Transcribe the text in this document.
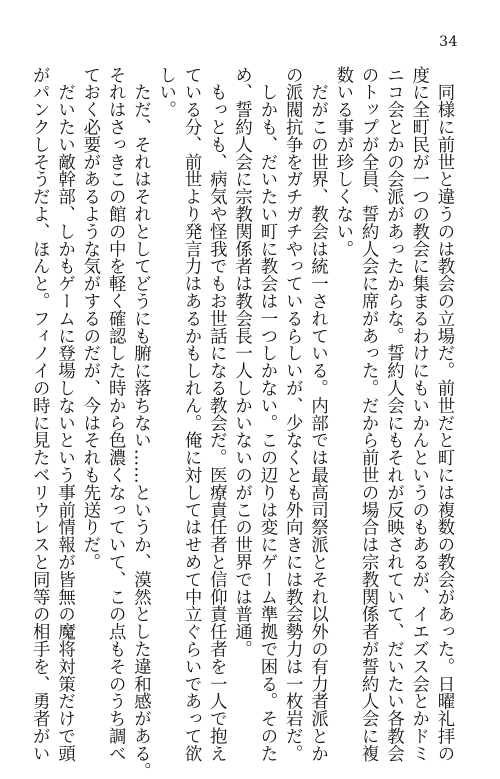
34
　同様に前世と違うのは教会の立場だ。前世だと町には複数の教会があった。日曜礼拝の
度に全町民が一つの教会に集まるわけにもいかんというのもあるが、イエズス会とかドミ
ニコ会とかの会派があったからな。誓約人会にもそれが反映されていて、だいたい各教会
のトップが全員、誓約人会に席があった。だから前世の場合は宗教関係者が誓約人会に複
数いる事が珍しくない。
　だがこの世界、教会は統一されている。内部では最高司祭派とそれ以外の有力者派とか
の派閥抗争をガチガチやっているらしいが、少なくとも外向きには教会勢力は一枚岩だ。
　しかも、だいたい町に教会は一つしかない。この辺りは変にゲーム準拠で困る。そのた
め、誓約人会に宗教関係者は教会長一人しかいないのがこの世界では普通。
　もっとも、病気や怪我でもお世話になる教会だ。医療責任者と信仰責任者を一人で抱え
ている分、前世より発言力はあるかもしれん。俺に対してはせめて中立ぐらいであって欲
しい。
　ただ、それはそれとしてどうにも腑に落ちない……というか、漠然とした違和感がある。
それはさっきこの館の中を軽く確認した時から色濃くなっていて、この点もそのうち調べ
ておく必要があるような気がするのだが、今はそれも先送りだ。
　だいたい敵幹部、しかもゲームに登場しないという事前情報が皆無の魔将対策だけで頭
がパンクしそうだよ、ほんと。フィノイの時に見たベリウレスと同等の相手を、勇者がい
